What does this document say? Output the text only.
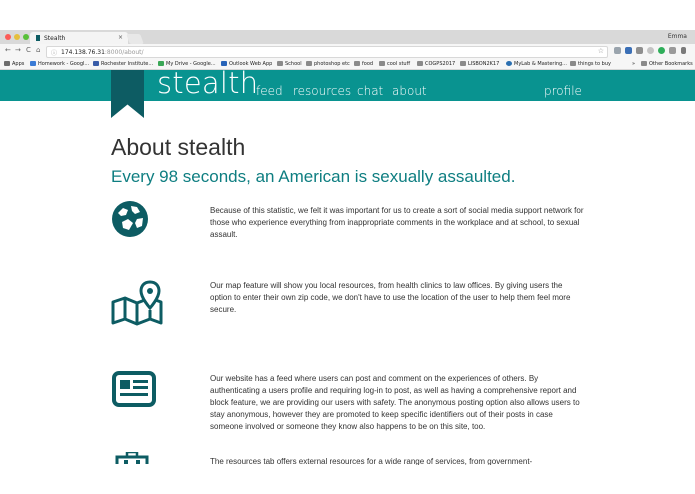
Stealth	×	Emma
← → C ⌂ ⓘ 174.138.76.31:8000/about/	☆
Apps	Homework - Googl...	Rochester Institute...	My Drive - Google...	Outlook Web App	School	photoshop etc	food	cool stuff	COGPS2017	LISBON2K17	MyLab & Mastering...	things to buy	»	Other Bookmarks
stealth
feed resources chat about	profile
About stealth
Every 98 seconds, an American is sexually assaulted.

Because of this statistic, we felt it was important for us to create a sort of social media support network for those who experience everything from inappropriate comments in the workplace and at school, to sexual assault.

Our map feature will show you local resources, from health clinics to law offices. By giving users the option to enter their own zip code, we don't have to use the location of the user to help them feel more secure.

Our website has a feed where users can post and comment on the experiences of others. By authenticating a users profile and requiring log-in to post, as well as having a comprehensive report and block feature, we are providing our users with safety. The anonymous posting option also allows users to stay anonymous, however they are promoted to keep specific identifiers out of their posts in case someone involved or someone they know also happens to be on this site, too.

The resources tab offers external resources for a wide range of services, from government-
